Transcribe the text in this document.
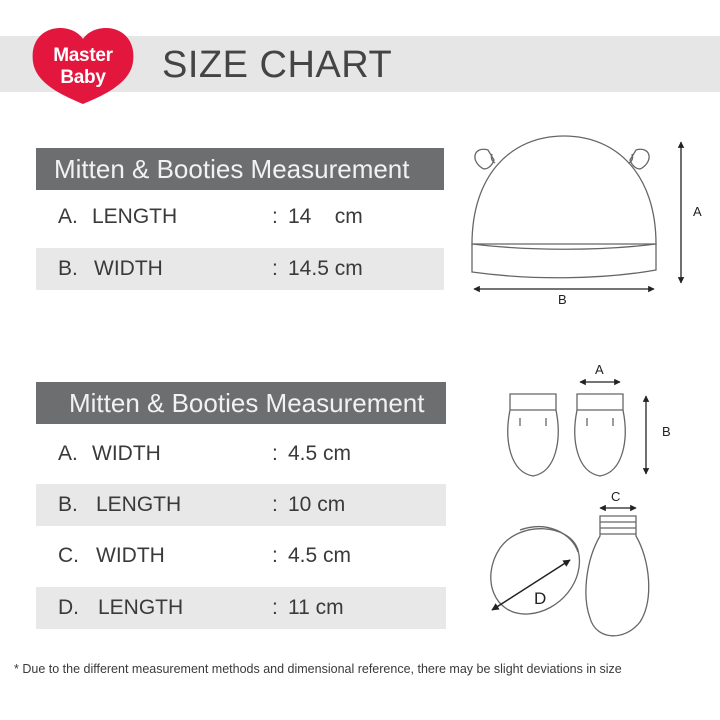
Master
Baby	SIZE CHART
Mitten & Booties Measurement
A. LENGTH	: 14    cm
B. WIDTH	: 14.5 cm
Mitten & Booties Measurement
A. WIDTH	: 4.5 cm
B. LENGTH	: 10 cm
C. WIDTH	: 4.5 cm
D. LENGTH	: 11 cm
A
B
A
B
C
D
* Due to the different measurement methods and dimensional reference, there may be slight deviations in size
